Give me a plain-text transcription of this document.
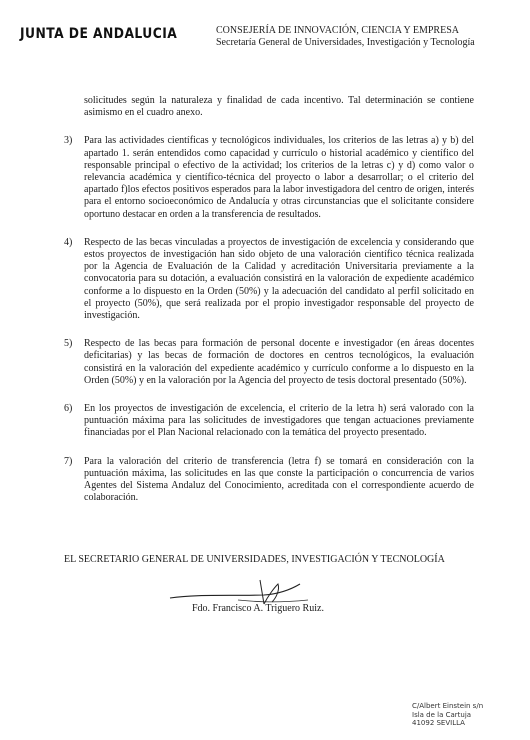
JUNTA DE ANDALUCIA	CONSEJERÍA DE INNOVACIÓN, CIENCIA Y EMPRESA
Secretaría General de Universidades, Investigación y Tecnología

solicitudes según la naturaleza y finalidad de cada incentivo. Tal determinación se contiene asimismo en el cuadro anexo.

3)	Para las actividades científicas y tecnológicos individuales, los criterios de las letras a) y b) del apartado 1. serán entendidos como capacidad y currículo o historial académico y científico del responsable principal o efectivo de la actividad; los criterios de la letras c) y d) como valor o relevancia académica y científico-técnica del proyecto o labor a desarrollar; o el criterio del apartado f)los efectos positivos esperados para la labor investigadora del centro de origen, interés para el entorno socioeconómico de Andalucía y otras circunstancias que el solicitante considere oportuno destacar en orden a la transferencia de resultados.
4)	Respecto de las becas vinculadas a proyectos de investigación de excelencia y considerando que estos proyectos de investigación han sido objeto de una valoración científico técnica realizada por la Agencia de Evaluación de la Calidad y acreditación Universitaria previamente a la convocatoria para su dotación, a evaluación consistirá en la valoración de expediente académico conforme a lo dispuesto en la Orden (50%) y la adecuación del candidato al perfil solicitado en el proyecto (50%), que será realizada por el propio investigador responsable del proyecto de investigación.
5)	Respecto de las becas para formación de personal docente e investigador (en áreas docentes deficitarias) y las becas de formación de doctores en centros tecnológicos, la evaluación consistirá en la valoración del expediente académico y currículo conforme a lo dispuesto en la Orden (50%) y en la valoración por la Agencia del proyecto de tesis doctoral presentado (50%).
6)	En los proyectos de investigación de excelencia, el criterio de la letra h) será valorado con la puntuación máxima para las solicitudes de investigadores que tengan actuaciones previamente financiadas por el Plan Nacional relacionado con la temática del proyecto presentado.
7)	Para la valoración del criterio de transferencia (letra f) se tomará en consideración con la puntuación máxima, las solicitudes en las que conste la participación o concurrencia de varios Agentes del Sistema Andaluz del Conocimiento, acreditada con el correspondiente acuerdo de colaboración.
EL SECRETARIO GENERAL DE UNIVERSIDADES, INVESTIGACIÓN Y TECNOLOGÍA
Fdo. Francisco A. Triguero Ruiz.
C/Albert Einstein s/n
Isla de la Cartuja
41092 SEVILLA
